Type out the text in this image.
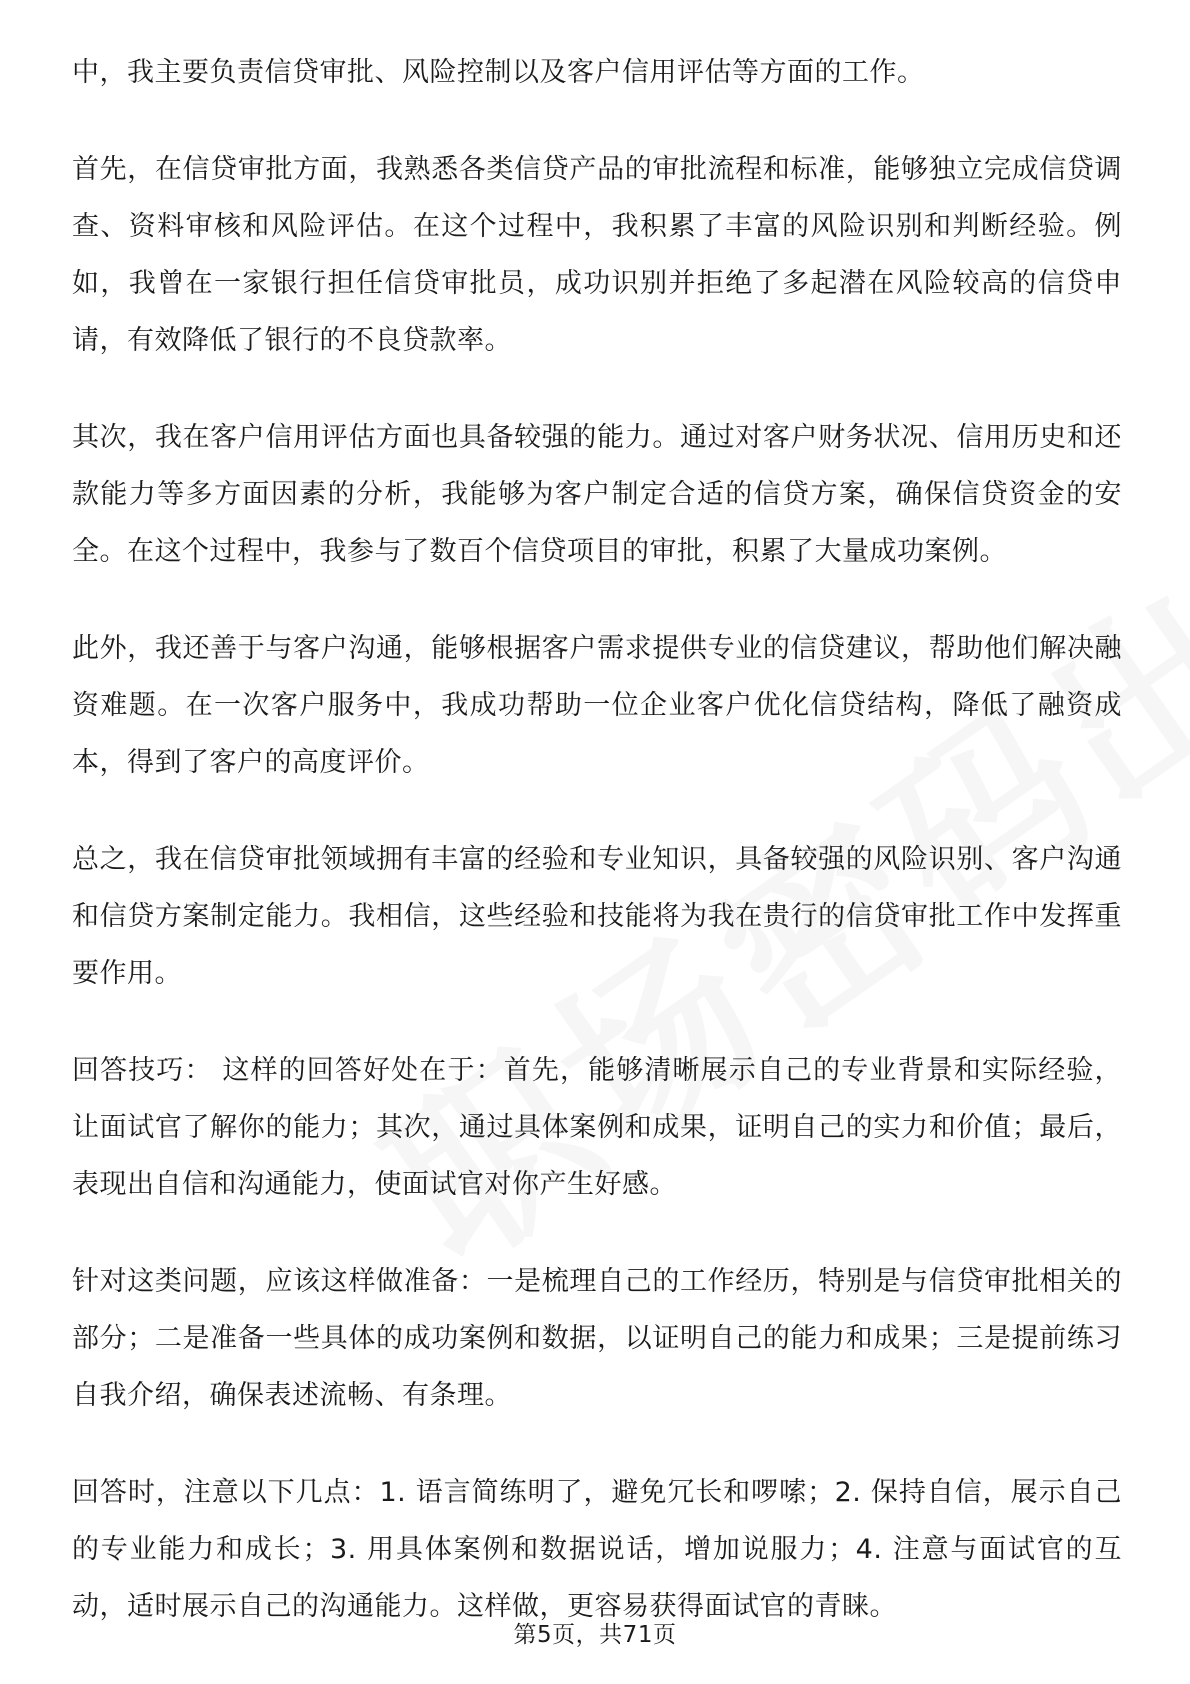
中，我主要负责信贷审批、风险控制以及客户信用评估等方面的工作。

首先，在信贷审批方面，我熟悉各类信贷产品的审批流程和标准，能够独立完成信贷调查、资料审核和风险评估。在这个过程中，我积累了丰富的风险识别和判断经验。例如，我曾在一家银行担任信贷审批员，成功识别并拒绝了多起潜在风险较高的信贷申请，有效降低了银行的不良贷款率。

其次，我在客户信用评估方面也具备较强的能力。通过对客户财务状况、信用历史和还款能力等多方面因素的分析，我能够为客户制定合适的信贷方案，确保信贷资金的安全。在这个过程中，我参与了数百个信贷项目的审批，积累了大量成功案例。

此外，我还善于与客户沟通，能够根据客户需求提供专业的信贷建议，帮助他们解决融资难题。在一次客户服务中，我成功帮助一位企业客户优化信贷结构，降低了融资成本，得到了客户的高度评价。

总之，我在信贷审批领域拥有丰富的经验和专业知识，具备较强的风险识别、客户沟通和信贷方案制定能力。我相信，这些经验和技能将为我在贵行的信贷审批工作中发挥重要作用。

回答技巧： 这样的回答好处在于：首先，能够清晰展示自己的专业背景和实际经验，让面试官了解你的能力；其次，通过具体案例和成果，证明自己的实力和价值；最后，表现出自信和沟通能力，使面试官对你产生好感。

针对这类问题，应该这样做准备：一是梳理自己的工作经历，特别是与信贷审批相关的部分；二是准备一些具体的成功案例和数据，以证明自己的能力和成果；三是提前练习自我介绍，确保表述流畅、有条理。

回答时，注意以下几点：1. 语言简练明了，避免冗长和啰嗦；2. 保持自信，展示自己的专业能力和成长；3. 用具体案例和数据说话，增加说服力；4. 注意与面试官的互动，适时展示自己的沟通能力。这样做，更容易获得面试官的青睐。

第5页，共71页
